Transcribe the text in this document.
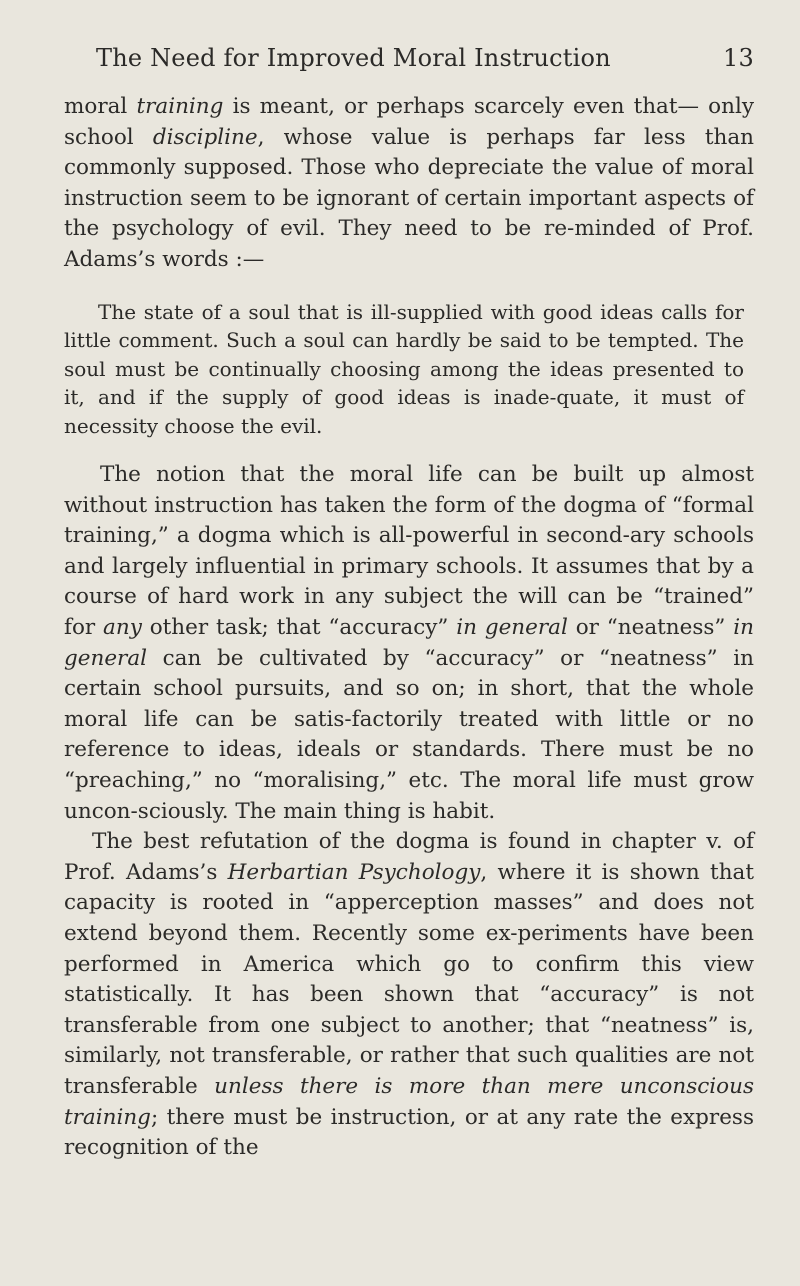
The Need for Improved Moral Instruction	13

moral training is meant, or perhaps scarcely even that— only school discipline, whose value is perhaps far less than commonly supposed. Those who depreciate the value of moral instruction seem to be ignorant of certain important aspects of the psychology of evil. They need to be re-minded of Prof. Adams’s words :—

The state of a soul that is ill-supplied with good ideas calls for little comment. Such a soul can hardly be said to be tempted. The soul must be continually choosing among the ideas presented to it, and if the supply of good ideas is inade-quate, it must of necessity choose the evil.

The notion that the moral life can be built up almost without instruction has taken the form of the dogma of “formal training,” a dogma which is all-powerful in second-ary schools and largely influential in primary schools. It assumes that by a course of hard work in any subject the will can be “trained” for any other task; that “accuracy” in general or “neatness” in general can be cultivated by “accuracy” or “neatness” in certain school pursuits, and so on; in short, that the whole moral life can be satis-factorily treated with little or no reference to ideas, ideals or standards. There must be no “preaching,” no “moralising,” etc. The moral life must grow uncon-sciously. The main thing is habit.

The best refutation of the dogma is found in chapter v. of Prof. Adams’s Herbartian Psychology, where it is shown that capacity is rooted in “apperception masses” and does not extend beyond them. Recently some ex-periments have been performed in America which go to confirm this view statistically. It has been shown that “accuracy” is not transferable from one subject to another; that “neatness” is, similarly, not transferable, or rather that such qualities are not transferable unless there is more than mere unconscious training; there must be instruction, or at any rate the express recognition of the
